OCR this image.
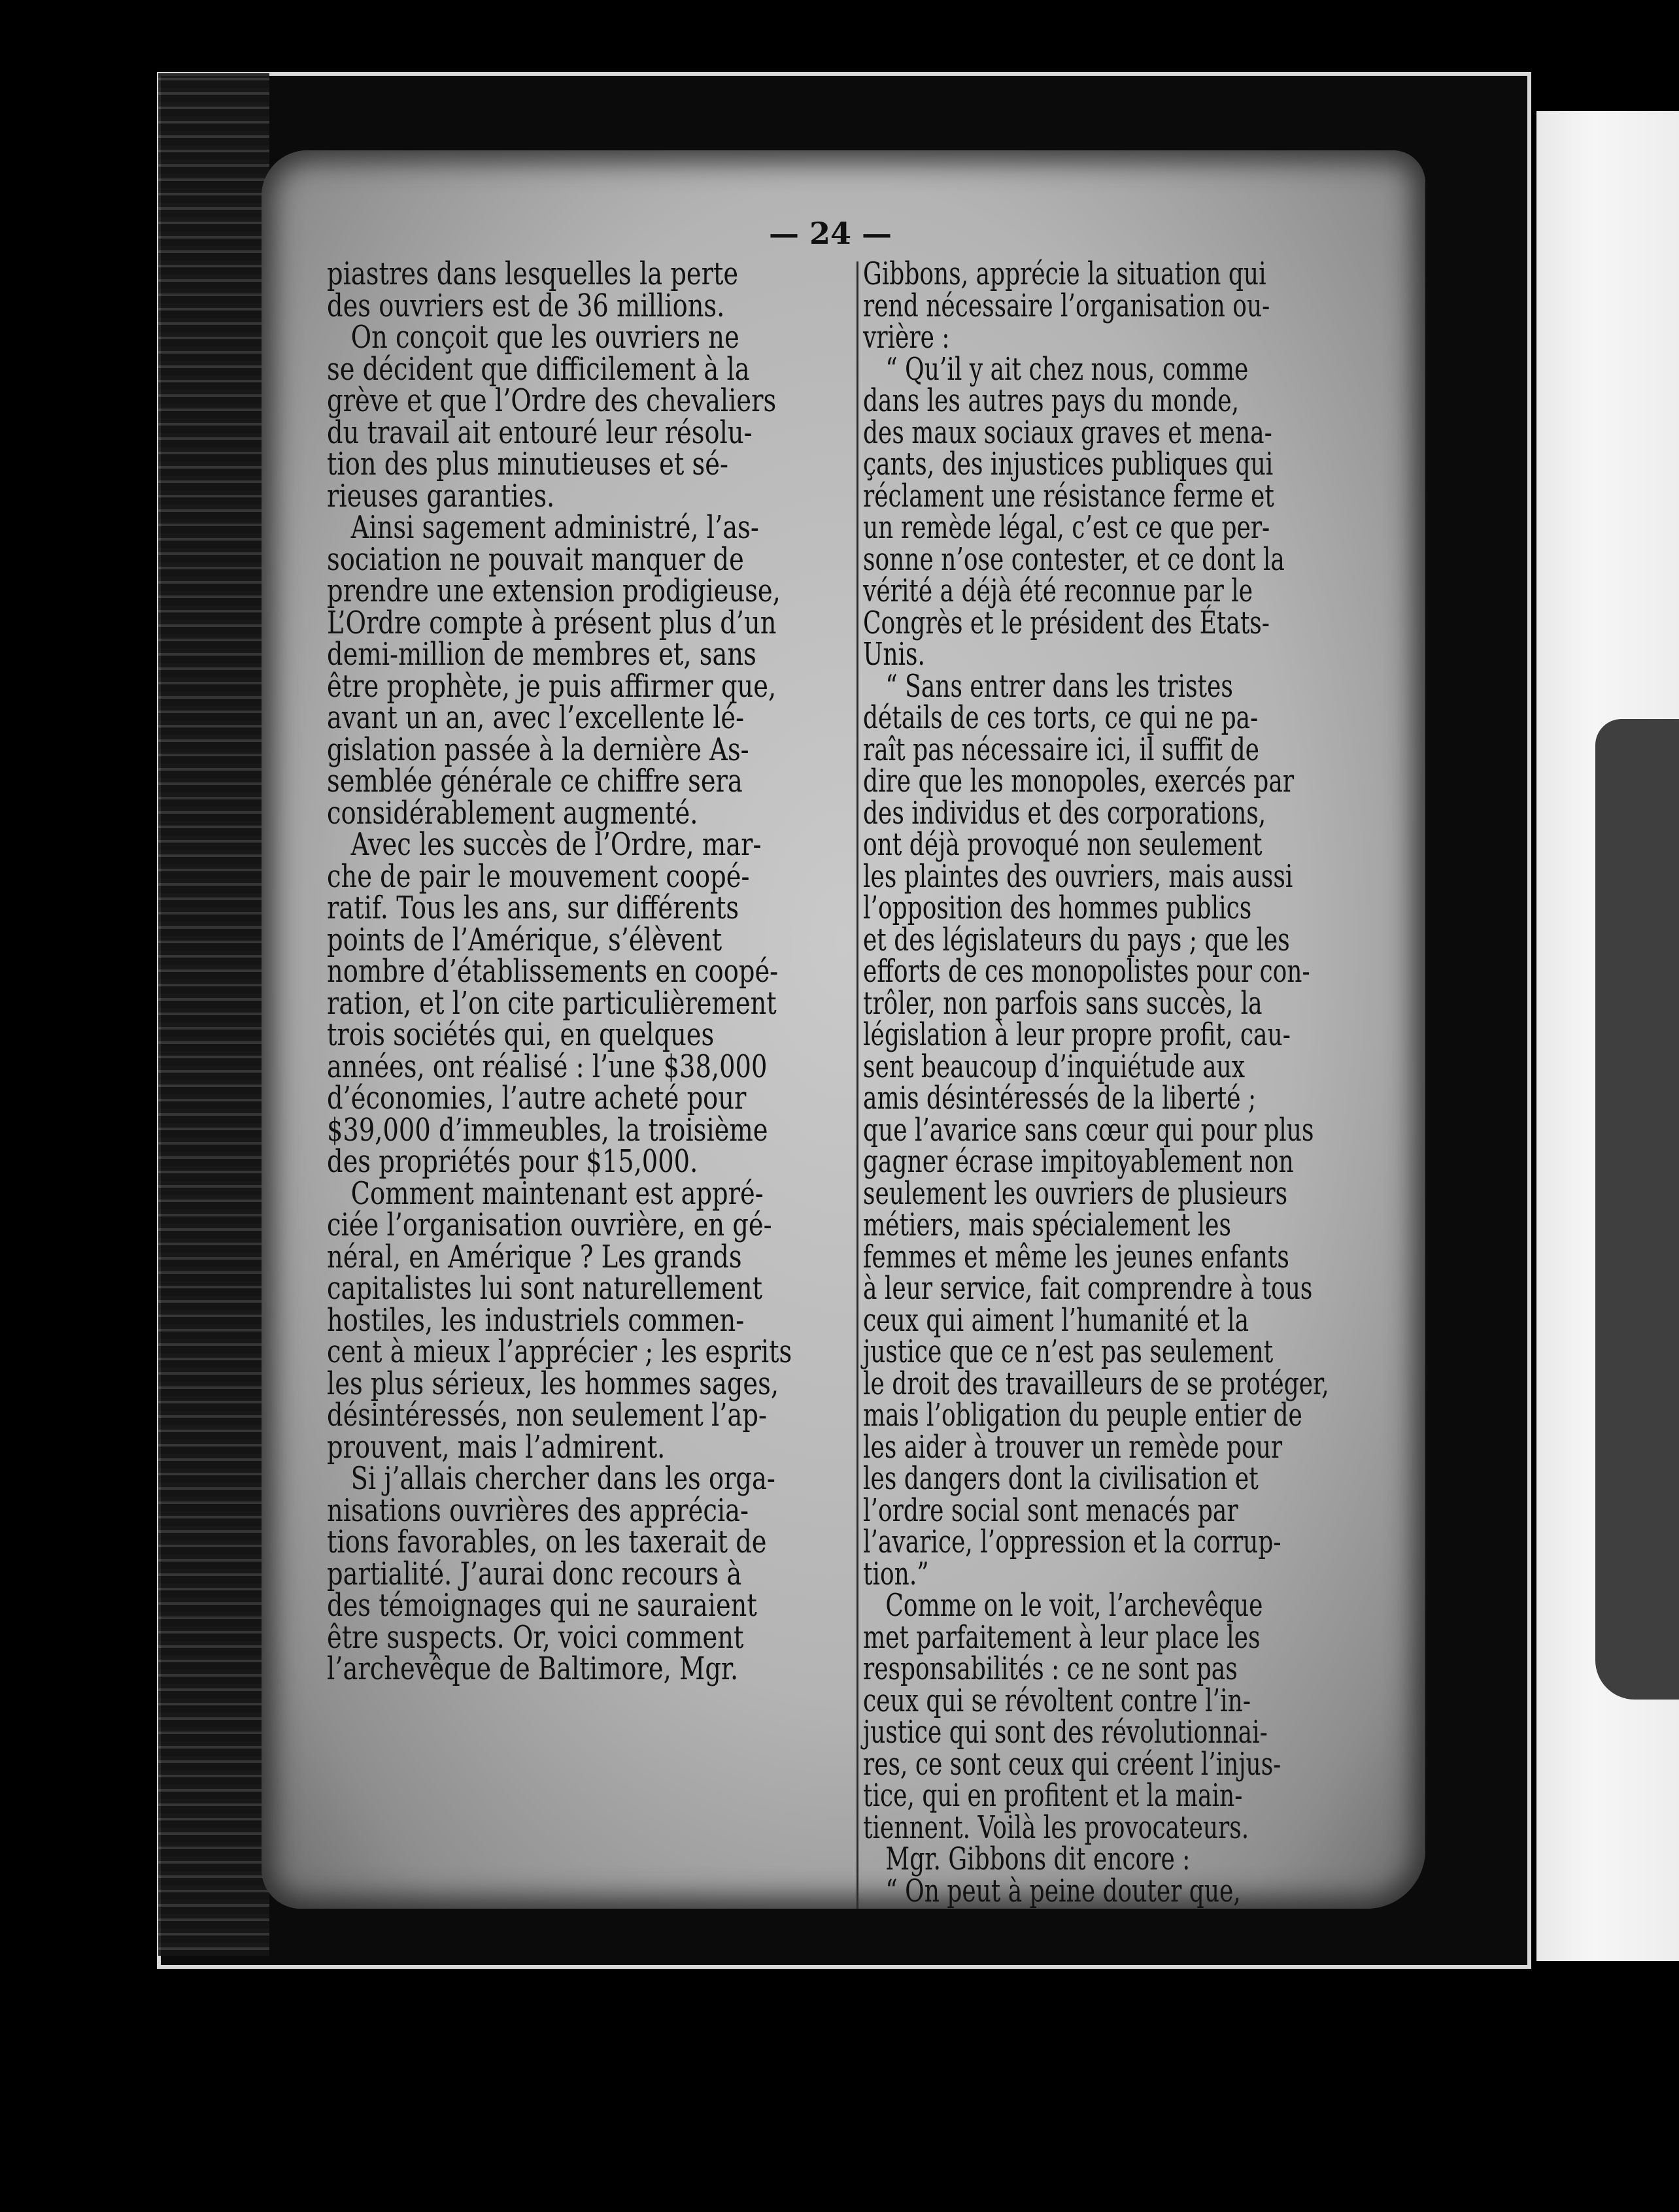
— 24 —

piastres dans lesquelles la perte

des ouvriers est de 36 millions.

On conçoit que les ouvriers ne

se décident que difficilement à la

grève et que l’Ordre des chevaliers

du travail ait entouré leur résolu-

tion des plus minutieuses et sé-

rieuses garanties.

Ainsi sagement administré, l’as-

sociation ne pouvait manquer de

prendre une extension prodigieuse,

L’Ordre compte à présent plus d’un

demi-million de membres et, sans

être prophète, je puis affirmer que,

avant un an, avec l’excellente lé-

gislation passée à la dernière As-

semblée générale ce chiffre sera

considérablement augmenté.

Avec les succès de l’Ordre, mar-

che de pair le mouvement coopé-

ratif. Tous les ans, sur différents

points de l’Amérique, s’élèvent

nombre d’établissements en coopé-

ration, et l’on cite particulièrement

trois sociétés qui, en quelques

années, ont réalisé : l’une $38,000

d’économies, l’autre acheté pour

$39,000 d’immeubles, la troisième

des propriétés pour $15,000.

Comment maintenant est appré-

ciée l’organisation ouvrière, en gé-

néral, en Amérique ? Les grands

capitalistes lui sont naturellement

hostiles, les industriels commen-

cent à mieux l’apprécier ; les esprits

les plus sérieux, les hommes sages,

désintéressés, non seulement l’ap-

prouvent, mais l’admirent.

Si j’allais chercher dans les orga-

nisations ouvrières des apprécia-

tions favorables, on les taxerait de

partialité. J’aurai donc recours à

des témoignages qui ne sauraient

être suspects. Or, voici comment

l’archevêque de Baltimore, Mgr.

Gibbons, apprécie la situation qui

rend nécessaire l’organisation ou-

vrière :

“ Qu’il y ait chez nous, comme

dans les autres pays du monde,

des maux sociaux graves et mena-

çants, des injustices publiques qui

réclament une résistance ferme et

un remède légal, c’est ce que per-

sonne n’ose contester, et ce dont la

vérité a déjà été reconnue par le

Congrès et le président des États-

Unis.

“ Sans entrer dans les tristes

détails de ces torts, ce qui ne pa-

raît pas nécessaire ici, il suffit de

dire que les monopoles, exercés par

des individus et des corporations,

ont déjà provoqué non seulement

les plaintes des ouvriers, mais aussi

l’opposition des hommes publics

et des législateurs du pays ; que les

efforts de ces monopolistes pour con-

trôler, non parfois sans succès, la

législation à leur propre profit, cau-

sent beaucoup d’inquiétude aux

amis désintéressés de la liberté ;

que l’avarice sans cœur qui pour plus

gagner écrase impitoyablement non

seulement les ouvriers de plusieurs

métiers, mais spécialement les

femmes et même les jeunes enfants

à leur service, fait comprendre à tous

ceux qui aiment l’humanité et la

justice que ce n’est pas seulement

le droit des travailleurs de se protéger,

mais l’obligation du peuple entier de

les aider à trouver un remède pour

les dangers dont la civilisation et

l’ordre social sont menacés par

l’avarice, l’oppression et la corrup-

tion.”

Comme on le voit, l’archevêque

met parfaitement à leur place les

responsabilités : ce ne sont pas

ceux qui se révoltent contre l’in-

justice qui sont des révolutionnai-

res, ce sont ceux qui créent l’injus-

tice, qui en profitent et la main-

tiennent. Voilà les provocateurs.

Mgr. Gibbons dit encore :

“ On peut à peine douter que,
